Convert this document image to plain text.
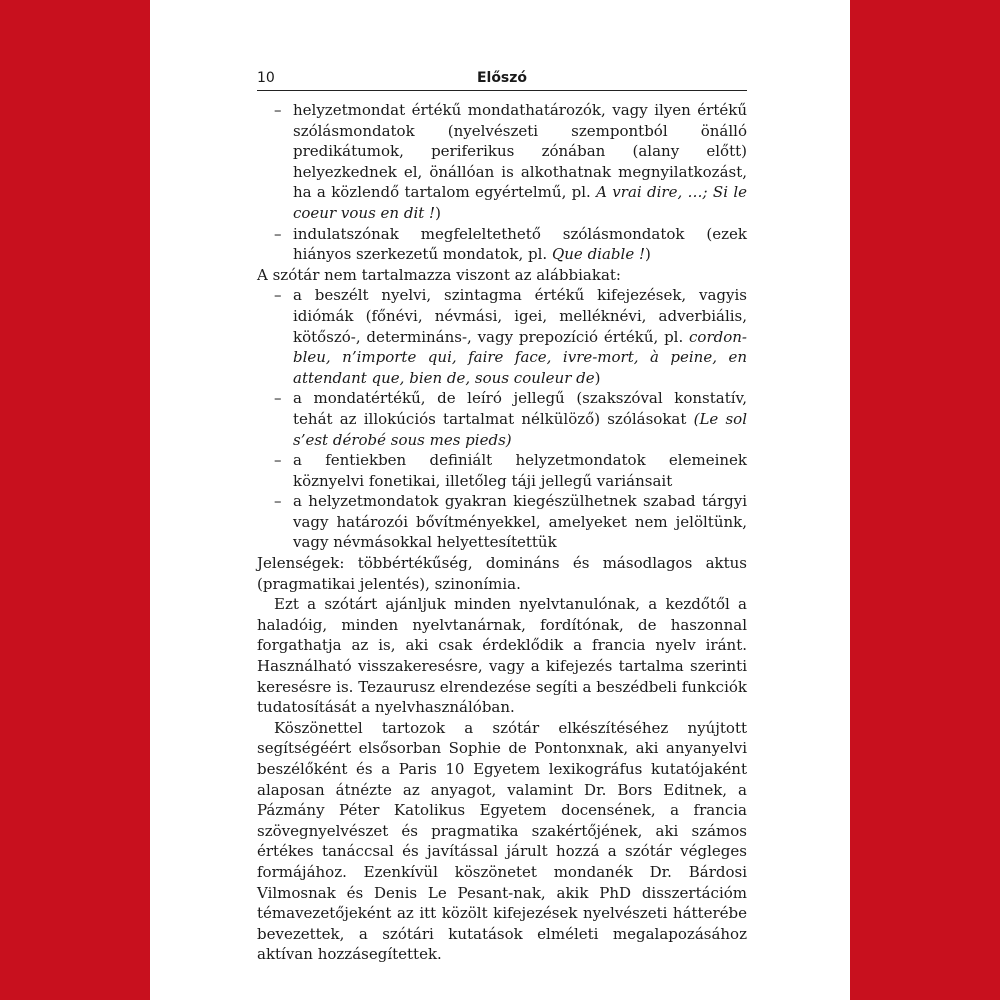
10	Előszó
– helyzetmondat értékű mondathatározók, vagy ilyen értékű szólásmondatok (nyelvészeti szempontból önálló predikátumok, periferikus zónában (alany előtt) helyezkednek el, önállóan is alkothatnak megnyilatkozást, ha a közlendő tartalom egyértelmű, pl. A vrai dire, …; Si le coeur vous en dit !)
– indulatszónak megfeleltethető szólásmondatok (ezek hiányos szerkezetű mondatok, pl. Que diable !)

A szótár nem tartalmazza viszont az alábbiakat:

– a beszélt nyelvi, szintagma értékű kifejezések, vagyis idiómák (főnévi, névmási, igei, melléknévi, adverbiális, kötőszó-, determináns-, vagy prepozíció értékű, pl. cordon-bleu, n’importe qui, faire face, ivre-mort, à peine, en attendant que, bien de, sous couleur de)
– a mondatértékű, de leíró jellegű (szakszóval konstatív, tehát az illokúciós tartalmat nélkülöző) szólásokat (Le sol s’est dérobé sous mes pieds)
– a fentiekben definiált helyzetmondatok elemeinek köznyelvi fonetikai, illetőleg táji jellegű variánsait
– a helyzetmondatok gyakran kiegészülhetnek szabad tárgyi vagy határozói bővítményekkel, amelyeket nem jelöltünk, vagy névmásokkal helyettesítettük

Jelenségek: többértékűség, domináns és másodlagos aktus (pragmatikai jelentés), szinonímia.

Ezt a szótárt ajánljuk minden nyelvtanulónak, a kezdőtől a haladóig, minden nyelvtanárnak, fordítónak, de haszonnal forgathatja az is, aki csak érdeklődik a francia nyelv iránt. Használható visszakeresésre, vagy a kifejezés tartalma szerinti keresésre is. Tezaurusz elrendezése segíti a beszédbeli funkciók tudatosítását a nyelvhasználóban.

Köszönettel tartozok a szótár elkészítéséhez nyújtott segítségéért elsősorban Sophie de Pontonxnak, aki anyanyelvi beszélőként és a Paris 10 Egyetem lexikográfus kutatójaként alaposan átnézte az anyagot, valamint Dr. Bors Editnek, a Pázmány Péter Katolikus Egyetem docensének, a francia szövegnyelvészet és pragmatika szakértőjének, aki számos értékes tanáccsal és javítással járult hozzá a szótár végleges formájához. Ezenkívül köszönetet mondanék Dr. Bárdosi Vilmosnak és Denis Le Pesant-nak, akik PhD disszertációm témavezetőjeként az itt közölt kifejezések nyelvészeti hátterébe bevezettek, a szótári kutatások elméleti megalapozásához aktívan hozzásegítettek.
